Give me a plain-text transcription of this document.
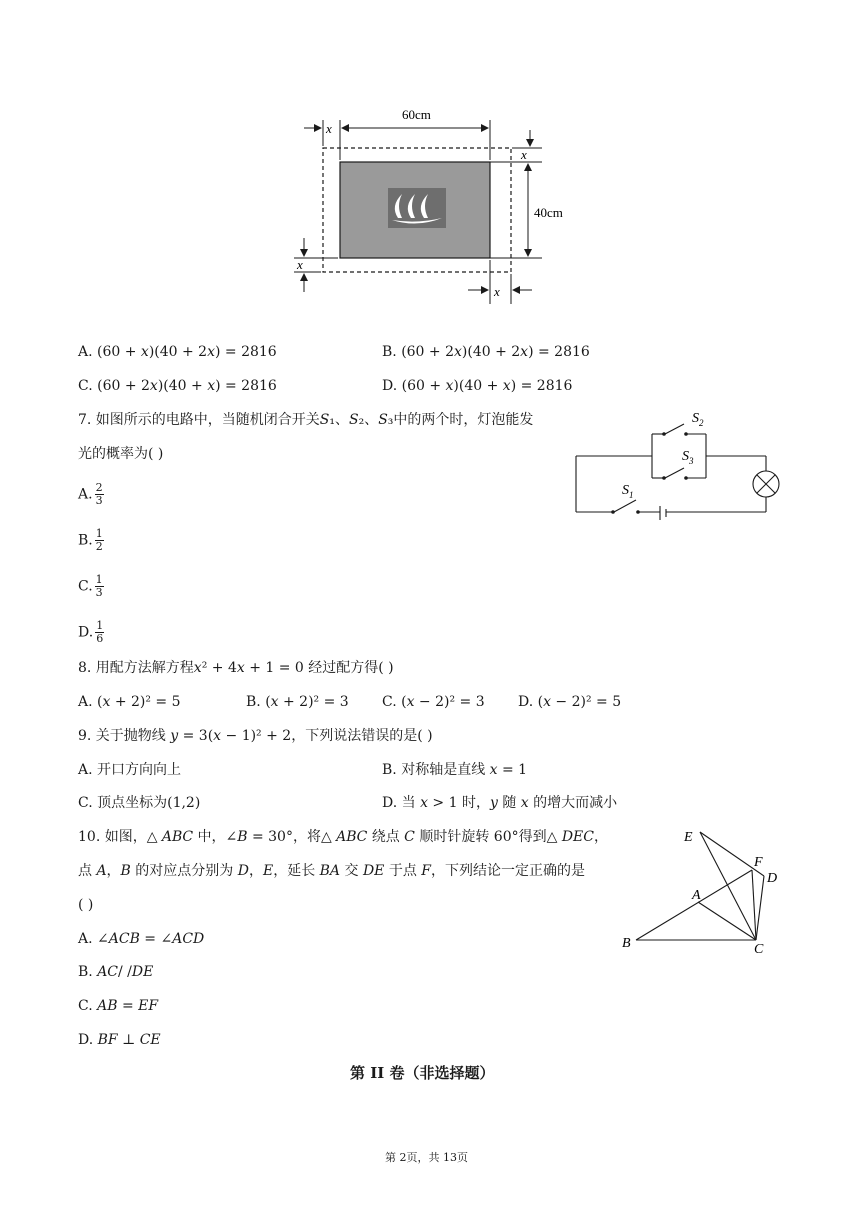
x
60cm
x
40cm
x
x
A. (60 + 𝑥)(40 + 2𝑥) = 2816	B. (60 + 2𝑥)(40 + 2𝑥) = 2816
C. (60 + 2𝑥)(40 + 𝑥) = 2816	D. (60 + 𝑥)(40 + 𝑥) = 2816
7. 如图所示的电路中，当随机闭合开关𝑆₁、𝑆₂、𝑆₃中的两个时，灯泡能发
光的概率为( )
A. $\frac{2}{3}$
B. $\frac{1}{2}$
C. $\frac{1}{3}$
D. $\frac{1}{6}$
$S_2$
$S_3$
$S_1$
8. 用配方法解方程𝑥² + 4𝑥 + 1 = 0 经过配方得( )
A. (𝑥 + 2)² = 5	B. (𝑥 + 2)² = 3 C. (𝑥 − 2)² = 3 D. (𝑥 − 2)² = 5
9. 关于抛物线 𝑦 = 3(𝑥 − 1)² + 2，下列说法错误的是( )
A. 开口方向向上	B. 对称轴是直线 𝑥 = 1
C. 顶点坐标为(1,2)	D. 当 𝑥 > 1 时，𝑦 随 𝑥 的增大而减小
10. 如图，△ 𝐴𝐵𝐶 中，∠𝐵 = 30°，将△ 𝐴𝐵𝐶 绕点 𝐶 顺时针旋转 60°得到△ 𝐷𝐸𝐶，
点 𝐴，𝐵 的对应点分别为 𝐷，𝐸，延长 𝐵𝐴 交 𝐷𝐸 于点 𝐹，下列结论一定正确的是
( )
A. ∠𝐴𝐶𝐵 = ∠𝐴𝐶𝐷
B. 𝐴𝐶/ /𝐷𝐸
C. 𝐴𝐵 = 𝐸𝐹
D. 𝐵𝐹 ⊥ 𝐶𝐸
E
F
D
A
B	C
第 II 卷（非选择题）
第 2页，共 13页
